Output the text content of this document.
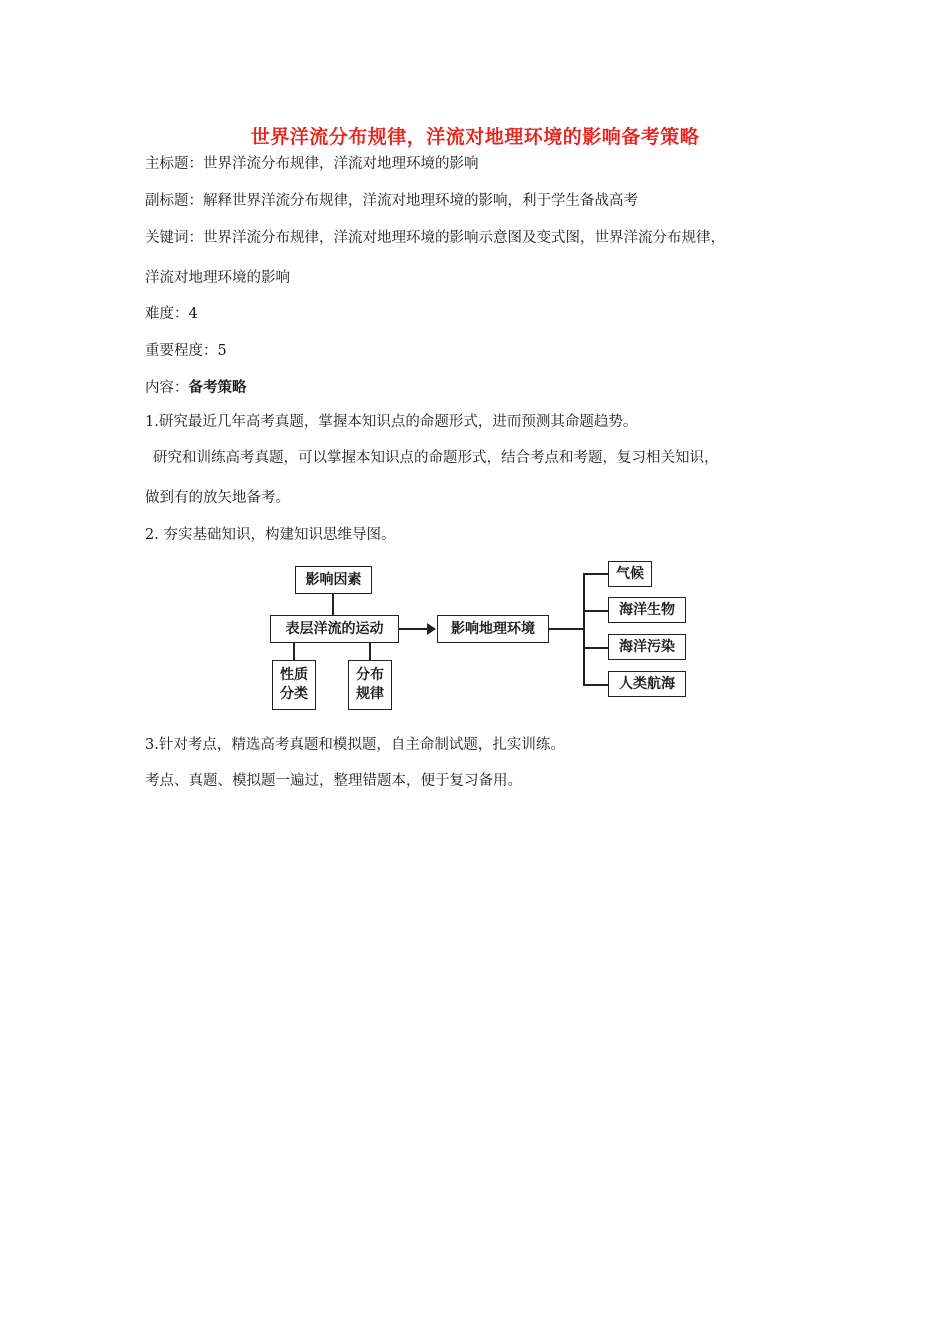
世界洋流分布规律，洋流对地理环境的影响备考策略
主标题：世界洋流分布规律，洋流对地理环境的影响
副标题：解释世界洋流分布规律，洋流对地理环境的影响，利于学生备战高考
关键词：世界洋流分布规律，洋流对地理环境的影响示意图及变式图，世界洋流分布规律，
洋流对地理环境的影响
难度：4
重要程度：5
内容：备考策略
1.研究最近几年高考真题，掌握本知识点的命题形式，进而预测其命题趋势。
研究和训练高考真题，可以掌握本知识点的命题形式，结合考点和考题，复习相关知识，
做到有的放矢地备考。
2. 夯实基础知识，构建知识思维导图。
影响因素
表层洋流的运动	影响地理环境
性质
分类
分布
规律
气候
海洋生物
海洋污染
人类航海
3.针对考点，精选高考真题和模拟题，自主命制试题，扎实训练。
考点、真题、模拟题一遍过，整理错题本，便于复习备用。
